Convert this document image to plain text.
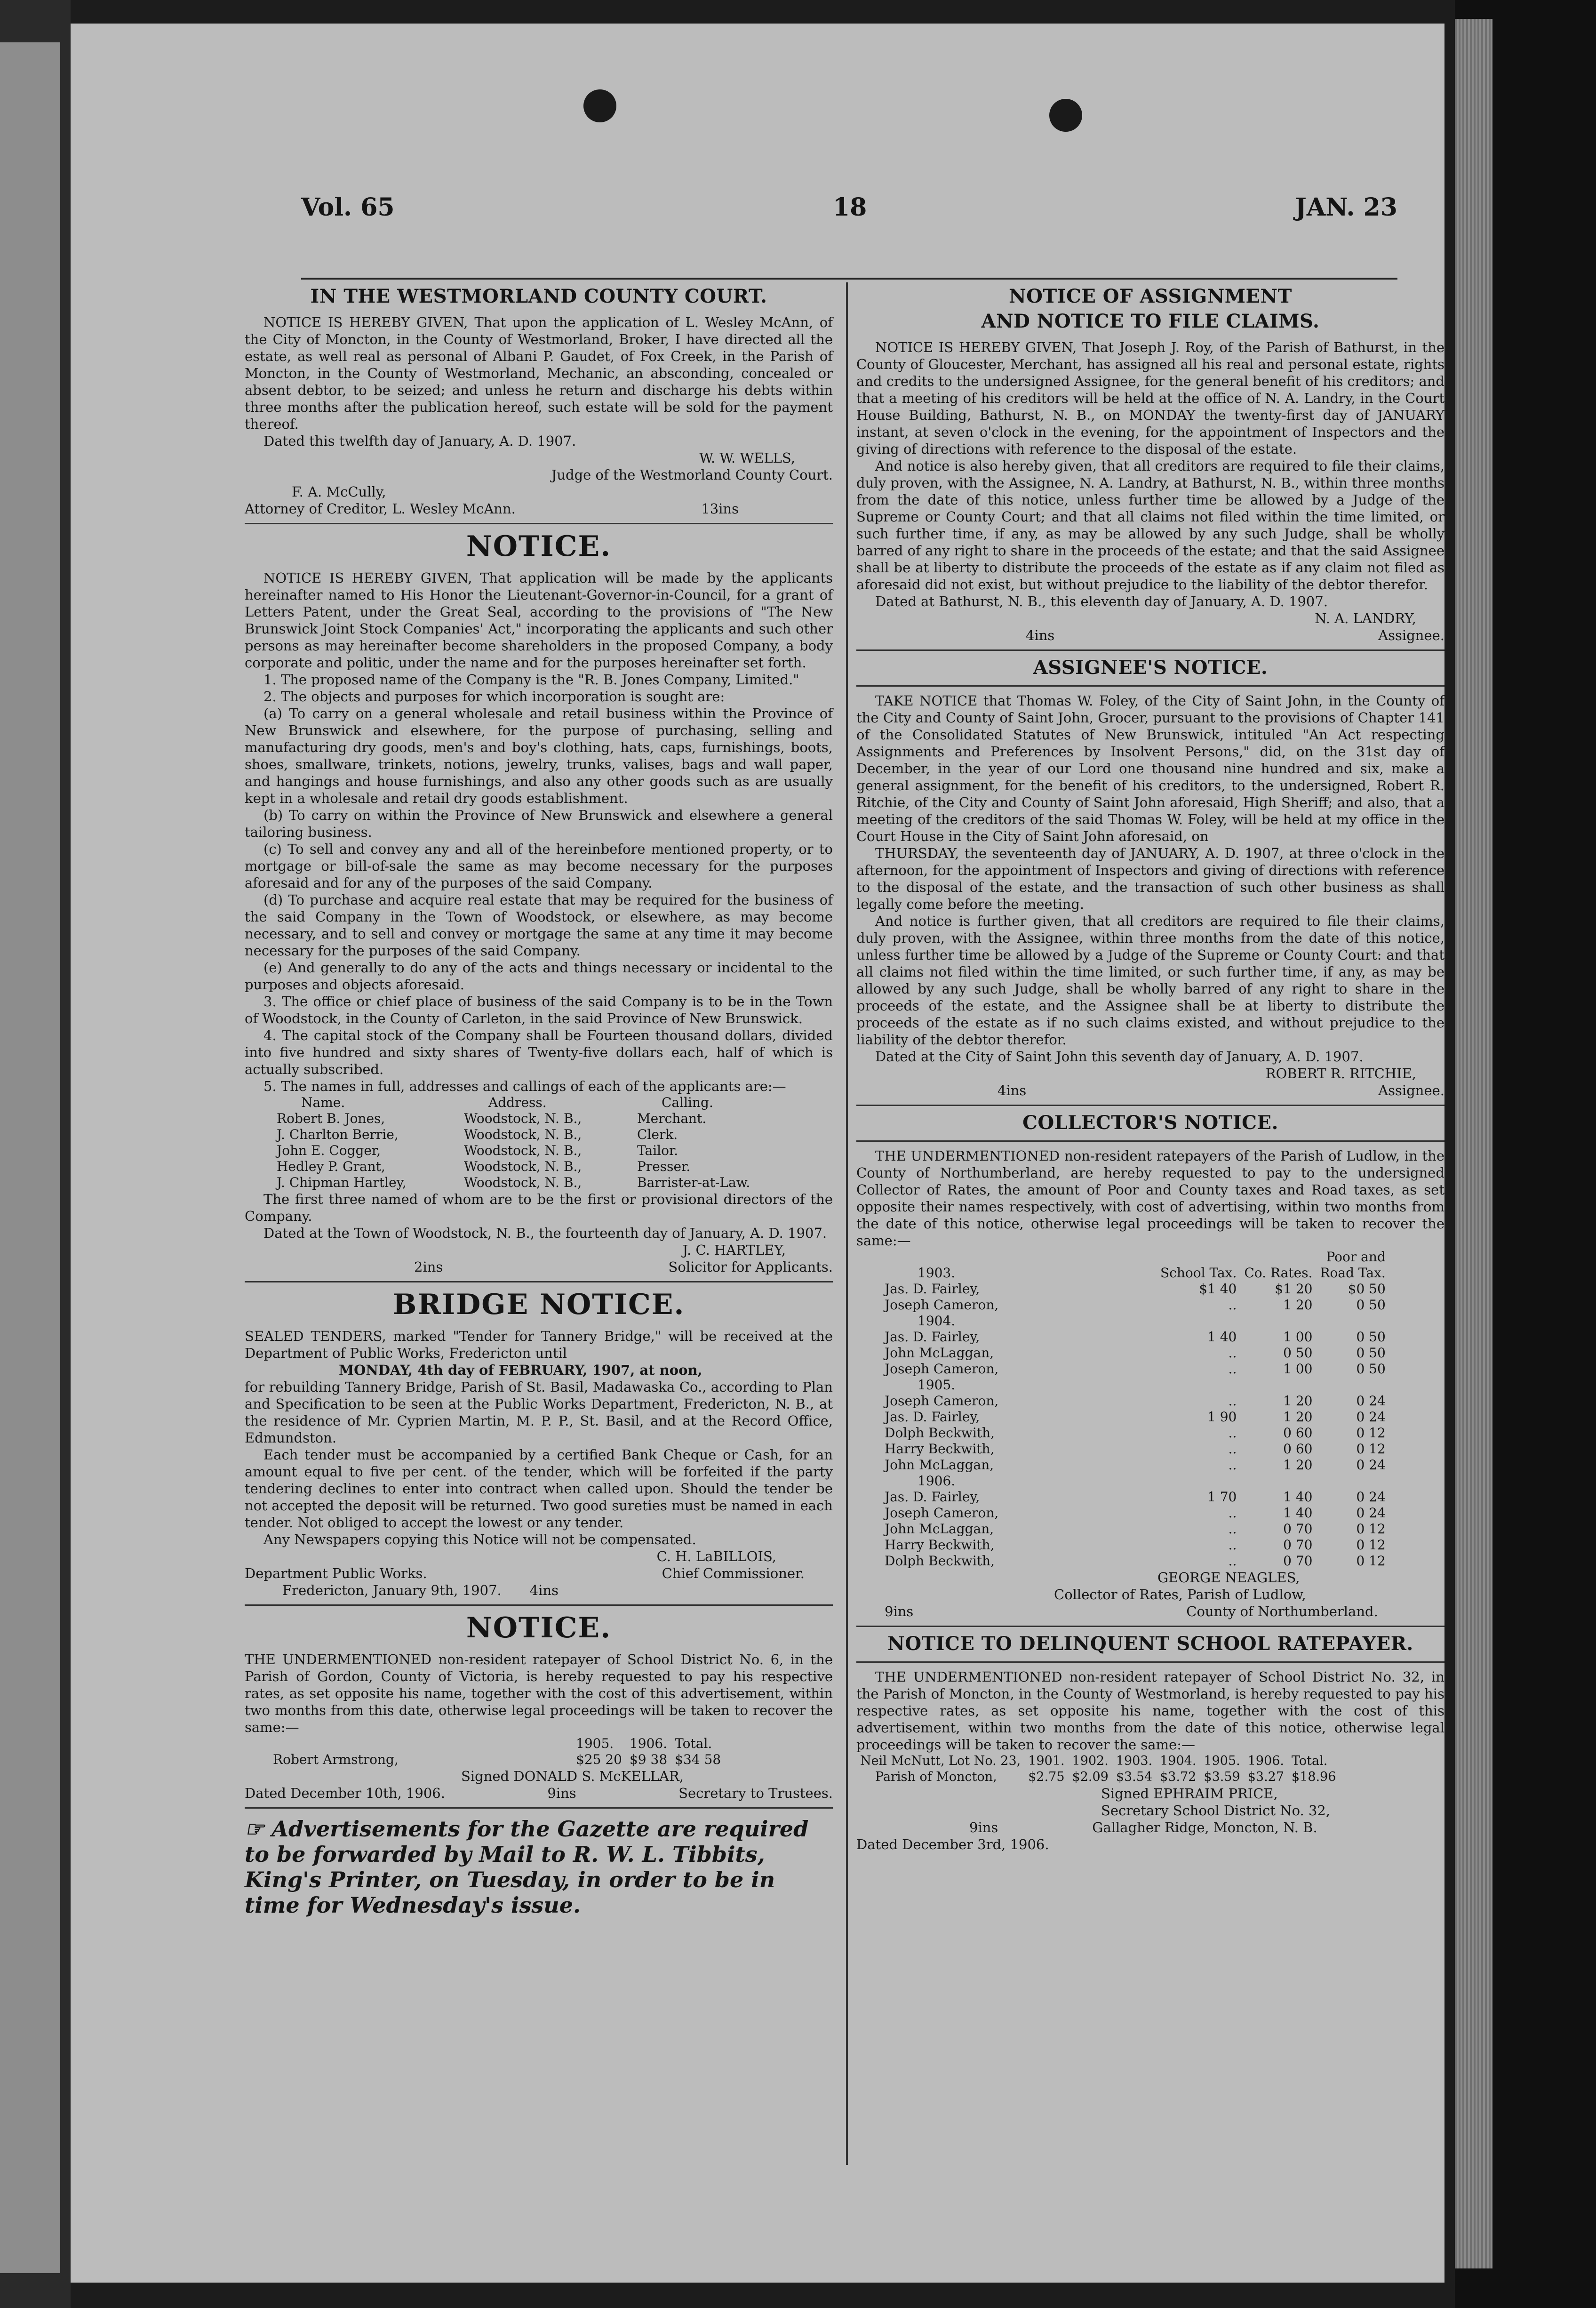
Vol. 65	18	JAN. 23
IN THE WESTMORLAND COUNTY COURT.

NOTICE IS HEREBY GIVEN, That upon the application of L. Wesley McAnn, of the City of Moncton, in the County of Westmorland, Broker, I have directed all the estate, as well real as personal of Albani P. Gaudet, of Fox Creek, in the Parish of Moncton, in the County of Westmorland, Mechanic, an absconding, concealed or absent debtor, to be seized; and unless he return and discharge his debts within three months after the publication hereof, such estate will be sold for the payment thereof.

Dated this twelfth day of January, A. D. 1907.

W. W. WELLS,
Judge of the Westmorland County Court.
F. A. McCully,
Attorney of Creditor, L. Wesley McAnn.	13ins
NOTICE.

NOTICE IS HEREBY GIVEN, That application will be made by the applicants hereinafter named to His Honor the Lieutenant-Governor-in-Council, for a grant of Letters Patent, under the Great Seal, according to the provisions of "The New Brunswick Joint Stock Companies' Act," incorporating the applicants and such other persons as may hereinafter become shareholders in the proposed Company, a body corporate and politic, under the name and for the purposes hereinafter set forth.

1. The proposed name of the Company is the "R. B. Jones Company, Limited."

2. The objects and purposes for which incorporation is sought are:

(a) To carry on a general wholesale and retail business within the Province of New Brunswick and elsewhere, for the purpose of purchasing, selling and manufacturing dry goods, men's and boy's clothing, hats, caps, furnishings, boots, shoes, smallware, trinkets, notions, jewelry, trunks, valises, bags and wall paper, and hangings and house furnishings, and also any other goods such as are usually kept in a wholesale and retail dry goods establishment.

(b) To carry on within the Province of New Brunswick and elsewhere a general tailoring business.

(c) To sell and convey any and all of the hereinbefore mentioned property, or to mortgage or bill-of-sale the same as may become necessary for the purposes aforesaid and for any of the purposes of the said Company.

(d) To purchase and acquire real estate that may be required for the business of the said Company in the Town of Woodstock, or elsewhere, as may become necessary, and to sell and convey or mortgage the same at any time it may become necessary for the purposes of the said Company.

(e) And generally to do any of the acts and things necessary or incidental to the purposes and objects aforesaid.

3. The office or chief place of business of the said Company is to be in the Town of Woodstock, in the County of Carleton, in the said Province of New Brunswick.

4. The capital stock of the Company shall be Fourteen thousand dollars, divided into five hundred and sixty shares of Twenty-five dollars each, half of which is actually subscribed.

5. The names in full, addresses and callings of each of the applicants are:—

Name.	Address.	Calling.
Robert B. Jones,	Woodstock, N. B.,	Merchant.
J. Charlton Berrie,	Woodstock, N. B.,	Clerk.
John E. Cogger,	Woodstock, N. B.,	Tailor.
Hedley P. Grant,	Woodstock, N. B.,	Presser.
J. Chipman Hartley,	Woodstock, N. B.,	Barrister-at-Law.

The first three named of whom are to be the first or provisional directors of the Company.

Dated at the Town of Woodstock, N. B., the fourteenth day of January, A. D. 1907.

J. C. HARTLEY,
2ins	Solicitor for Applicants.
BRIDGE NOTICE.

SEALED TENDERS, marked "Tender for Tannery Bridge," will be received at the Department of Public Works, Fredericton until

MONDAY, 4th day of FEBRUARY, 1907, at noon,

for rebuilding Tannery Bridge, Parish of St. Basil, Madawaska Co., according to Plan and Specification to be seen at the Public Works Department, Fredericton, N. B., at the residence of Mr. Cyprien Martin, M. P. P., St. Basil, and at the Record Office, Edmundston.

Each tender must be accompanied by a certified Bank Cheque or Cash, for an amount equal to five per cent. of the tender, which will be forfeited if the party tendering declines to enter into contract when called upon. Should the tender be not accepted the deposit will be returned. Two good sureties must be named in each tender. Not obliged to accept the lowest or any tender.

Any Newspapers copying this Notice will not be compensated.

C. H. LaBILLOIS,
Department Public Works.	Chief Commissioner.
Fredericton, January 9th, 1907.	4ins
NOTICE.

THE UNDERMENTIONED non-resident ratepayer of School District No. 6, in the Parish of Gordon, County of Victoria, is hereby requested to pay his respective rates, as set opposite his name, together with the cost of this advertisement, within two months from this date, otherwise legal proceedings will be taken to recover the same:—

	1905.	1906.	Total.
Robert Armstrong,	$25 20	$9 38	$34 58
Signed DONALD S. McKELLAR,
Dated December 10th, 1906.	9ins	Secretary to Trustees.
☞ Advertisements for the Gazette are required to be forwarded by Mail to R. W. L. Tibbits, King's Printer, on Tuesday, in order to be in time for Wednesday's issue.
NOTICE OF ASSIGNMENT
AND NOTICE TO FILE CLAIMS.

NOTICE IS HEREBY GIVEN, That Joseph J. Roy, of the Parish of Bathurst, in the County of Gloucester, Merchant, has assigned all his real and personal estate, rights and credits to the undersigned Assignee, for the general benefit of his creditors; and that a meeting of his creditors will be held at the office of N. A. Landry, in the Court House Building, Bathurst, N. B., on MONDAY the twenty-first day of JANUARY instant, at seven o'clock in the evening, for the appointment of Inspectors and the giving of directions with reference to the disposal of the estate.

And notice is also hereby given, that all creditors are required to file their claims, duly proven, with the Assignee, N. A. Landry, at Bathurst, N. B., within three months from the date of this notice, unless further time be allowed by a Judge of the Supreme or County Court; and that all claims not filed within the time limited, or such further time, if any, as may be allowed by any such Judge, shall be wholly barred of any right to share in the proceeds of the estate; and that the said Assignee shall be at liberty to distribute the proceeds of the estate as if any claim not filed as aforesaid did not exist, but without prejudice to the liability of the debtor therefor.

Dated at Bathurst, N. B., this eleventh day of January, A. D. 1907.

N. A. LANDRY,
4ins	Assignee.
ASSIGNEE'S NOTICE.

TAKE NOTICE that Thomas W. Foley, of the City of Saint John, in the County of the City and County of Saint John, Grocer, pursuant to the provisions of Chapter 141 of the Consolidated Statutes of New Brunswick, intituled "An Act respecting Assignments and Preferences by Insolvent Persons," did, on the 31st day of December, in the year of our Lord one thousand nine hundred and six, make a general assignment, for the benefit of his creditors, to the undersigned, Robert R. Ritchie, of the City and County of Saint John aforesaid, High Sheriff; and also, that a meeting of the creditors of the said Thomas W. Foley, will be held at my office in the Court House in the City of Saint John aforesaid, on

THURSDAY, the seventeenth day of JANUARY, A. D. 1907, at three o'clock in the afternoon, for the appointment of Inspectors and giving of directions with reference to the disposal of the estate, and the transaction of such other business as shall legally come before the meeting.

And notice is further given, that all creditors are required to file their claims, duly proven, with the Assignee, within three months from the date of this notice, unless further time be allowed by a Judge of the Supreme or County Court: and that all claims not filed within the time limited, or such further time, if any, as may be allowed by any such Judge, shall be wholly barred of any right to share in the proceeds of the estate, and the Assignee shall be at liberty to distribute the proceeds of the estate as if no such claims existed, and without prejudice to the liability of the debtor therefor.

Dated at the City of Saint John this seventh day of January, A. D. 1907.

ROBERT R. RITCHIE,
4ins	Assignee.
COLLECTOR'S NOTICE.

THE UNDERMENTIONED non-resident ratepayers of the Parish of Ludlow, in the County of Northumberland, are hereby requested to pay to the undersigned Collector of Rates, the amount of Poor and County taxes and Road taxes, as set opposite their names respectively, with cost of advertising, within two months from the date of this notice, otherwise legal proceedings will be taken to recover the same:—

			Poor and
1903.	School Tax.	Co. Rates.	Road Tax.
Jas. D. Fairley,	$1 40	$1 20	$0 50
Joseph Cameron,	..	1 20	0 50
1904.			
Jas. D. Fairley,	1 40	1 00	0 50
John McLaggan,	..	0 50	0 50
Joseph Cameron,	..	1 00	0 50
1905.			
Joseph Cameron,	..	1 20	0 24
Jas. D. Fairley,	1 90	1 20	0 24
Dolph Beckwith,	..	0 60	0 12
Harry Beckwith,	..	0 60	0 12
John McLaggan,	..	1 20	0 24
1906.			
Jas. D. Fairley,	1 70	1 40	0 24
Joseph Cameron,	..	1 40	0 24
John McLaggan,	..	0 70	0 12
Harry Beckwith,	..	0 70	0 12
Dolph Beckwith,	..	0 70	0 12
GEORGE NEAGLES,
Collector of Rates, Parish of Ludlow,
9ins	County of Northumberland.
NOTICE TO DELINQUENT SCHOOL RATEPAYER.

THE UNDERMENTIONED non-resident ratepayer of School District No. 32, in the Parish of Moncton, in the County of Westmorland, is hereby requested to pay his respective rates, as set opposite his name, together with the cost of this advertisement, within two months from the date of this notice, otherwise legal proceedings will be taken to recover the same:—

Neil McNutt, Lot No. 23,	1901.	1902.	1903.	1904.	1905.	1906.	Total.
Parish of Moncton,	$2.75	$2.09	$3.54	$3.72	$3.59	$3.27	$18.96
Signed EPHRAIM PRICE,
Secretary School District No. 32,
9ins	Gallagher Ridge, Moncton, N. B.
Dated December 3rd, 1906.
